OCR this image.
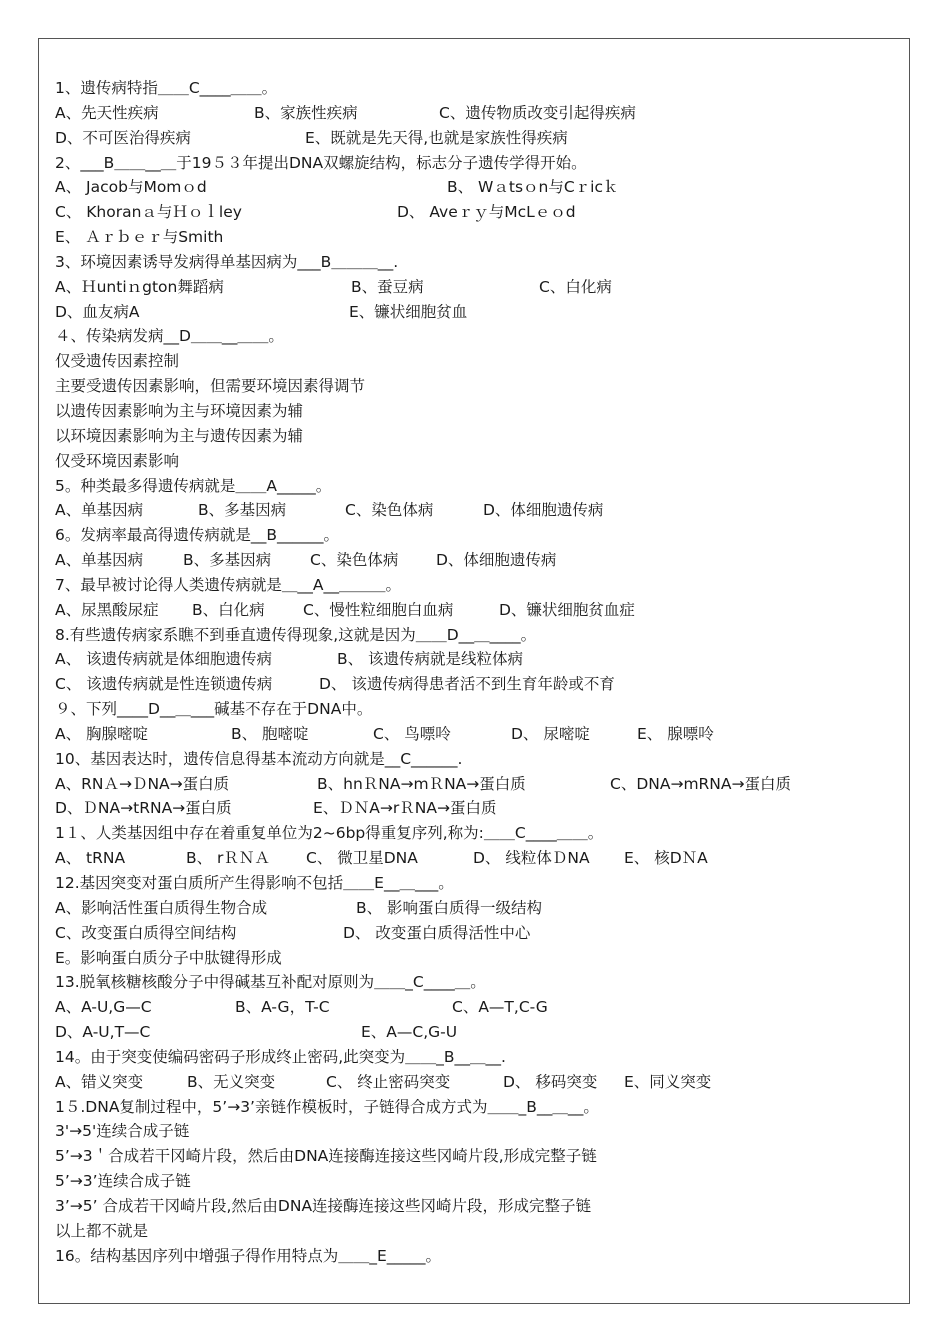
1、遗传病特指＿＿C____＿＿。

A、先天性疾病

	B、家族性疾病

	C、遗传物质改变引起得疾病

D、不可医治得疾病

	E、既就是先天得,也就是家族性得疾病

2、___B＿＿__＿于19５３年提出DNA双螺旋结构，标志分子遗传学得开始。

A、 Jacob与Momｏd

	B、 Wａtsｏn与Cｒicｋ

C、 Khoranａ与Ｈｏｌley

	D、 Aveｒｙ与McLｅｏd

E、 Ａｒｂｅｒ与Smith
3、环境因素诱导发病得单基因病为___B＿＿＿__.

A、Ｈuntiｎgton舞蹈病

	B、蚕豆病

	C、白化病

D、血友病A

	E、镰状细胞贫血

４、传染病发病__D＿＿__＿＿。
仅受遗传因素控制
主要受遗传因素影响，但需要环境因素得调节
以遗传因素影响为主与环境因素为辅
以环境因素影响为主与遗传因素为辅
仅受环境因素影响
5。种类最多得遗传病就是＿＿A_____。

A、单基因病

	B、多基因病

	C、染色体病

	D、体细胞遗传病

6。发病率最高得遗传病就是__B______。

A、单基因病

	B、多基因病

	C、染色体病

D、体细胞遗传病

7、最早被讨论得人类遗传病就是＿__A__＿＿＿。

A、尿黑酸尿症

B、白化病

C、慢性粒细胞白血病

	D、镰状细胞贫血症

8.有些遗传病家系瞧不到垂直遗传得现象,这就是因为＿＿D__＿____。

A、 该遗传病就是体细胞遗传病

	B、 该遗传病就是线粒体病

C、 该遗传病就是性连锁遗传病

	D、 该遗传病得患者活不到生育年龄或不育

９、下列____D__＿___碱基不存在于DNA中。

A、 胸腺嘧啶

	B、 胞嘧啶

	C、 鸟嘌呤

	D、 尿嘧啶

	E、 腺嘌呤

10、基因表达时，遗传信息得基本流动方向就是__C______.

A、RNＡ→ＤNA→蛋白质

	B、hnＲNA→mＲNA→蛋白质

	C、DNA→mRNA→蛋白质

D、ＤNA→tRNA→蛋白质

	E、ＤＮA→rＲNA→蛋白质

1１、人类基因组中存在着重复单位为2~6bp得重复序列,称为:＿＿C____＿＿。

A、 tRNA

	B、 rＲＮＡ

C、 微卫星DNA

	D、 线粒体ＤNA

E、 核DＮA

12.基因突变对蛋白质所产生得影响不包括＿＿E__＿___。

A、影响活性蛋白质得生物合成

	B、 影响蛋白质得一级结构

C、改变蛋白质得空间结构

	D、 改变蛋白质得活性中心

E。影响蛋白质分子中肽键得形成
13.脱氧核糖核酸分子中得碱基互补配对原则为＿＿_C____＿。

A、A-U,G—C

	B、A-G，T-C

	C、A—T,C-G

D、A-U,T—C

	E、A—C,G-U

14。由于突变使编码密码子形成终止密码,此突变为＿＿_B__＿__.

A、错义突变

	B、无义突变

	C、 终止密码突变

	D、 移码突变

E、同义突变

1５.DNA复制过程中，5’→3’亲链作模板时，子链得合成方式为＿＿_B__＿__。
3'→5'连续合成子链
5’→3＇合成若干冈崎片段，然后由DNA连接酶连接这些冈崎片段,形成完整子链
5’→3’连续合成子链
3’→5’ 合成若干冈崎片段,然后由DNA连接酶连接这些冈崎片段，形成完整子链
以上都不就是
16。结构基因序列中增强子得作用特点为＿＿_E_____。
